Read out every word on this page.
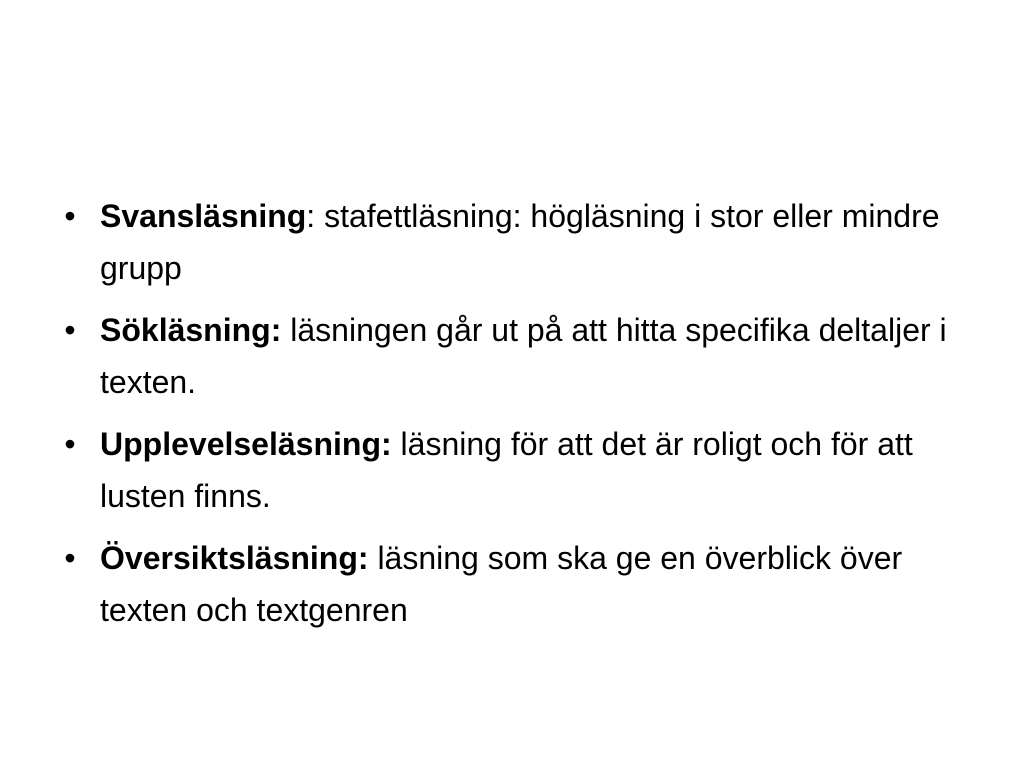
• Svansläsning: stafettläsning: högläsning i stor eller mindre grupp
• Sökläsning: läsningen går ut på att hitta specifika deltaljer i texten.
• Upplevelseläsning: läsning för att det är roligt och för att lusten finns.
• Översiktsläsning: läsning som ska ge en överblick över texten och textgenren
